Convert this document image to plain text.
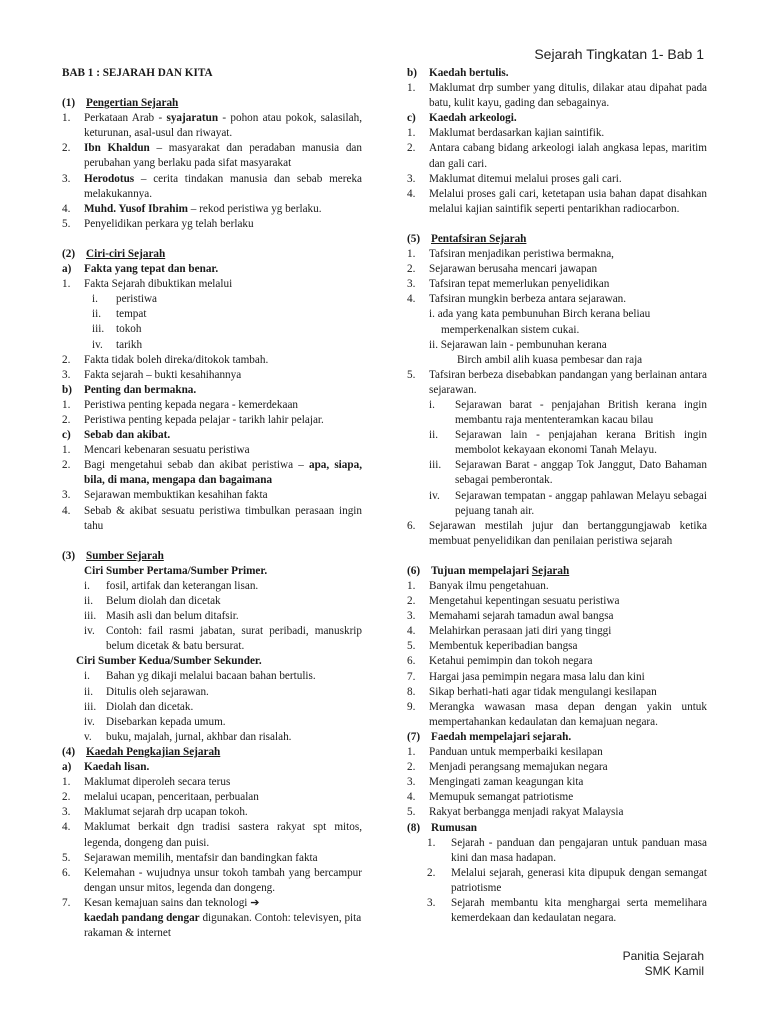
Sejarah Tingkatan 1- Bab 1
BAB 1 : SEJARAH DAN KITA
(1) Pengertian Sejarah
1.	Perkataan Arab - syajaratun - pohon atau pokok, salasilah, keturunan, asal-usul dan riwayat.
2.	Ibn Khaldun – masyarakat dan peradaban manusia dan perubahan yang berlaku pada sifat masyarakat
3.	Herodotus – cerita tindakan manusia dan sebab mereka melakukannya.
4.	Muhd. Yusof Ibrahim – rekod peristiwa yg berlaku.
5.	Penyelidikan perkara yg telah berlaku
(2) Ciri-ciri Sejarah
a)	Fakta yang tepat dan benar.
1.	Fakta Sejarah dibuktikan melalui
i.	peristiwa
ii.	tempat
iii.	tokoh
iv.	tarikh
2.	Fakta tidak boleh direka/ditokok tambah.
3.	Fakta sejarah – bukti kesahihannya
b)	Penting dan bermakna.
1.	Peristiwa penting kepada negara - kemerdekaan
2.	Peristiwa penting kepada pelajar - tarikh lahir pelajar.
c)	Sebab dan akibat.
1.	Mencari kebenaran sesuatu peristiwa
2.	Bagi mengetahui sebab dan akibat peristiwa – apa, siapa, bila, di mana, mengapa dan bagaimana
3.	Sejarawan membuktikan kesahihan fakta
4.	Sebab & akibat sesuatu peristiwa timbulkan perasaan ingin tahu
(3) Sumber Sejarah
Ciri Sumber Pertama/Sumber Primer.
i.	fosil, artifak dan keterangan lisan.
ii.	Belum diolah dan dicetak
iii. Masih asli dan belum ditafsir.
iv.	Contoh: fail rasmi jabatan, surat peribadi, manuskrip belum dicetak & batu bersurat.
Ciri Sumber Kedua/Sumber Sekunder.
i.	Bahan yg dikaji melalui bacaan bahan bertulis.
ii.	Ditulis oleh sejarawan.
iii. Diolah dan dicetak.
iv.	Disebarkan kepada umum.
v.	buku, majalah, jurnal, akhbar dan risalah.
(4) Kaedah Pengkajian Sejarah
a)	Kaedah lisan.
1.	Maklumat diperoleh secara terus
2.	melalui ucapan, penceritaan, perbualan
3.	Maklumat sejarah drp ucapan tokoh.
4.	Maklumat berkait dgn tradisi sastera rakyat spt mitos, legenda, dongeng dan puisi.
5.	Sejarawan memilih, mentafsir dan bandingkan fakta
6.	Kelemahan - wujudnya unsur tokoh tambah yang bercampur dengan unsur mitos, legenda dan dongeng.
7.	Kesan kemajuan sains dan teknologi ➔
kaedah pandang dengar digunakan. Contoh: televisyen, pita rakaman & internet
b)	Kaedah bertulis.
1.	Maklumat drp sumber yang ditulis, dilakar atau dipahat pada batu, kulit kayu, gading dan sebagainya.
c)	Kaedah arkeologi.
1.	Maklumat berdasarkan kajian saintifik.
2.	Antara cabang bidang arkeologi ialah angkasa lepas, maritim dan gali cari.
3.	Maklumat ditemui melalui proses gali cari.
4.	Melalui proses gali cari, ketetapan usia bahan dapat disahkan melalui kajian saintifik seperti pentarikhan radiocarbon.
(5) Pentafsiran Sejarah
1.	Tafsiran menjadikan peristiwa bermakna,
2.	Sejarawan berusaha mencari jawapan
3.	Tafsiran tepat memerlukan penyelidikan
4.	Tafsiran mungkin berbeza antara sejarawan.
i. ada yang kata pembunuhan Birch kerana beliau
memperkenalkan sistem cukai.
ii. Sejarawan lain - pembunuhan kerana
Birch ambil alih kuasa pembesar dan raja
5.	Tafsiran berbeza disebabkan pandangan yang berlainan antara sejarawan.
i.	Sejarawan barat - penjajahan British kerana ingin membantu raja mententeramkan kacau bilau
ii.	Sejarawan lain - penjajahan kerana British ingin membolot kekayaan ekonomi Tanah Melayu.
iii.	Sejarawan Barat - anggap Tok Janggut, Dato Bahaman sebagai pemberontak.
iv.	Sejarawan tempatan - anggap pahlawan Melayu sebagai pejuang tanah air.
6.	Sejarawan mestilah jujur dan bertanggungjawab ketika membuat penyelidikan dan penilaian peristiwa sejarah
(6) Tujuan mempelajari Sejarah
1.	Banyak ilmu pengetahuan.
2.	Mengetahui kepentingan sesuatu peristiwa
3.	Memahami sejarah tamadun awal bangsa
4.	Melahirkan perasaan jati diri yang tinggi
5.	Membentuk keperibadian bangsa
6.	Ketahui pemimpin dan tokoh negara
7.	Hargai jasa pemimpin negara masa lalu dan kini
8.	Sikap berhati-hati agar tidak mengulangi kesilapan
9.	Merangka wawasan masa depan dengan yakin untuk mempertahankan kedaulatan dan kemajuan negara.
(7) Faedah mempelajari sejarah.
1.	Panduan untuk memperbaiki kesilapan
2.	Menjadi perangsang memajukan negara
3.	Mengingati zaman keagungan kita
4.	Memupuk semangat patriotisme
5.	Rakyat berbangga menjadi rakyat Malaysia
(8) Rumusan
1.	Sejarah - panduan dan pengajaran untuk panduan masa kini dan masa hadapan.
2.	Melalui sejarah, generasi kita dipupuk dengan semangat patriotisme
3.	Sejarah membantu kita menghargai serta memelihara kemerdekaan dan kedaulatan negara.
Panitia Sejarah
SMK Kamil
